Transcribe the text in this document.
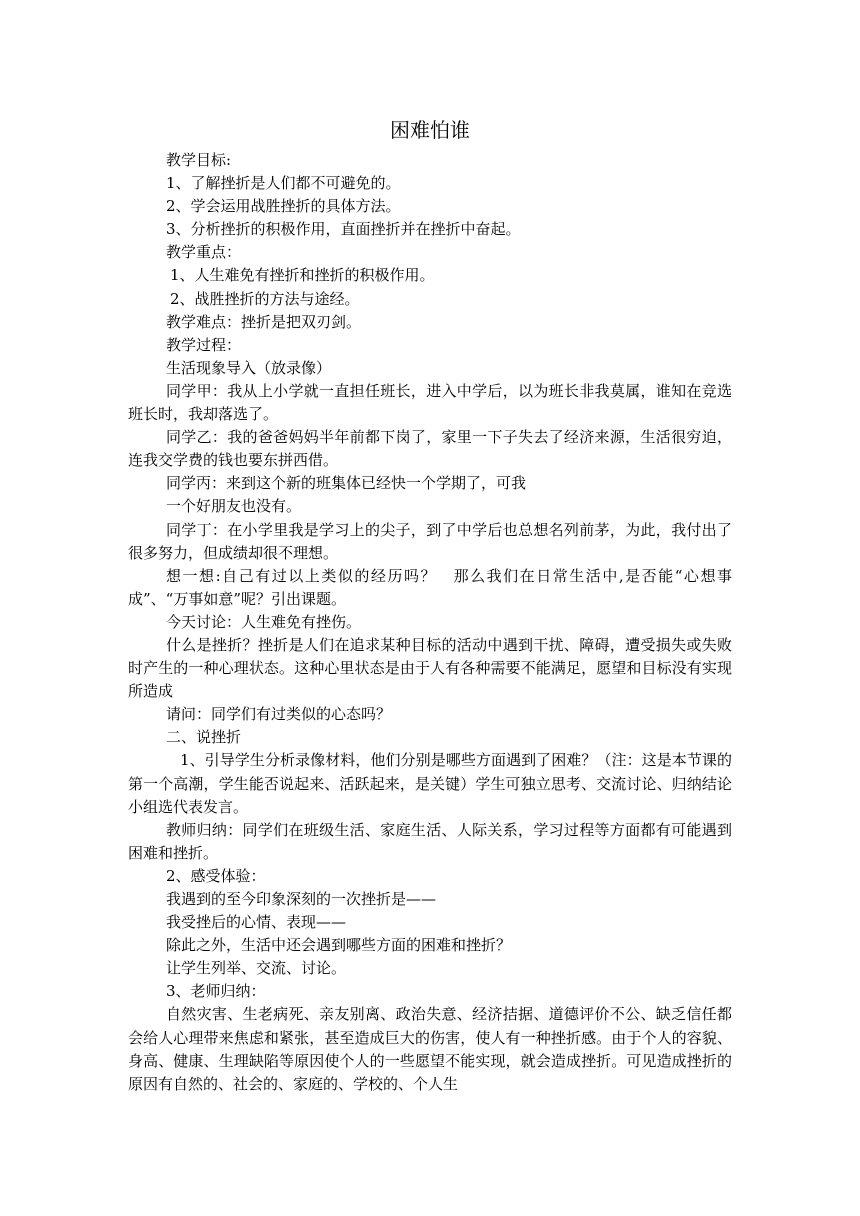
困难怕谁

教学目标:

1、了解挫折是人们都不可避免的。

2、学会运用战胜挫折的具体方法。

3、分析挫折的积极作用，直面挫折并在挫折中奋起。

教学重点：

1、人生难免有挫折和挫折的积极作用。

2、战胜挫折的方法与途经。

教学难点：挫折是把双刃剑。

教学过程：

生活现象导入（放录像）

同学甲：我从上小学就一直担任班长，进入中学后，以为班长非我莫属，谁知在竞选班长时，我却落选了。

同学乙：我的爸爸妈妈半年前都下岗了，家里一下子失去了经济来源，生活很穷迫，连我交学费的钱也要东拼西借。

同学丙：来到这个新的班集体已经快一个学期了，可我

一个好朋友也没有。

同学丁：在小学里我是学习上的尖子，到了中学后也总想名列前茅，为此，我付出了很多努力，但成绩却很不理想。

想一想:自己有过以上类似的经历吗？　那么我们在日常生活中,是否能“心想事成”、“万事如意”呢？引出课题。

今天讨论：人生难免有挫伤。

什么是挫折？挫折是人们在追求某种目标的活动中遇到干扰、障碍，遭受损失或失败时产生的一种心理状态。这种心里状态是由于人有各种需要不能满足，愿望和目标没有实现所造成

请问：同学们有过类似的心态吗？

二、说挫折

1、引导学生分析录像材料，他们分别是哪些方面遇到了困难？（注：这是本节课的第一个高潮，学生能否说起来、活跃起来，是关键）学生可独立思考、交流讨论、归纳结论小组选代表发言。

教师归纳：同学们在班级生活、家庭生活、人际关系，学习过程等方面都有可能遇到困难和挫折。

2、感受体验：

我遇到的至今印象深刻的一次挫折是——

我受挫后的心情、表现——

除此之外，生活中还会遇到哪些方面的困难和挫折？

让学生列举、交流、讨论。

3、老师归纳：

自然灾害、生老病死、亲友别离、政治失意、经济拮据、道德评价不公、缺乏信任都会给人心理带来焦虑和紧张，甚至造成巨大的伤害，使人有一种挫折感。由于个人的容貌、身高、健康、生理缺陷等原因使个人的一些愿望不能实现，就会造成挫折。可见造成挫折的原因有自然的、社会的、家庭的、学校的、个人生
